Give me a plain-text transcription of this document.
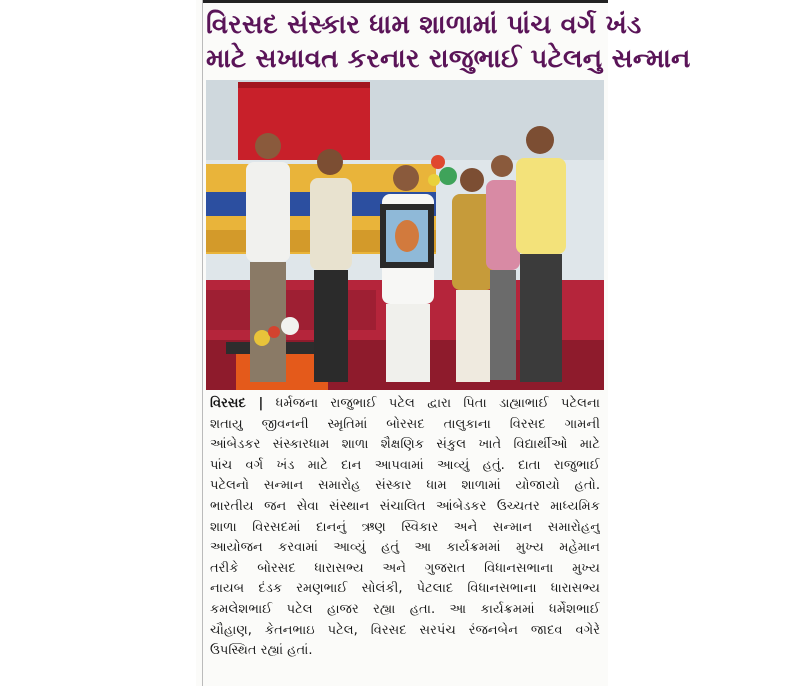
વિરસદ સંસ્કાર ધામ શાળામાં પાંચ વર્ગ ખંડ
માટે સખાવત કરનાર રાજુભાઈ પટેલનુ સન્માન
વિરસદ | ધર્મજના રાજુભાઈ પટેલ દ્વારા પિતા ડાહ્યાભાઈ પટેલના
શતાયુ જીવનની સ્મૃતિમાં બોરસદ તાલુકાના વિરસદ ગામની
આંબેડકર સંસ્કારધામ શાળા શૈક્ષણિક સંકુલ ખાતે વિદ્યાર્થીઓ માટે
પાંચ વર્ગ ખંડ માટે દાન આપવામાં આવ્યું હતું. દાતા રાજુભાઈ
પટેલનો સન્માન સમારોહ સંસ્કાર ધામ શાળામાં યોજાયો હતો.
ભારતીય જન સેવા સંસ્થાન સંચાલિત આંબેડકર ઉચ્ચતર માધ્યમિક
શાળા વિરસદમાં દાનનું ઋણ સ્વિકાર અને સન્માન સમારોહનુ
આયોજન કરવામાં આવ્યું હતું આ કાર્યક્રમમાં મુખ્ય મહેમાન
તરીકે બોરસદ ધારાસભ્ય અને ગુજરાત વિધાનસભાના મુખ્ય
નાયબ દંડક રમણભાઈ સોલંકી, પેટલાદ વિધાનસભાના ધારાસભ્ય
કમલેશભાઈ પટેલ હાજર રહ્યા હતા. આ કાર્યક્રમમાં ધર્મેશભાઈ
ચૌહાણ, કેતનભાઇ પટેલ, વિરસદ સરપંચ રંજનબેન જાદવ વગેરે
ઉપસ્થિત રહ્યાં હતાં.
